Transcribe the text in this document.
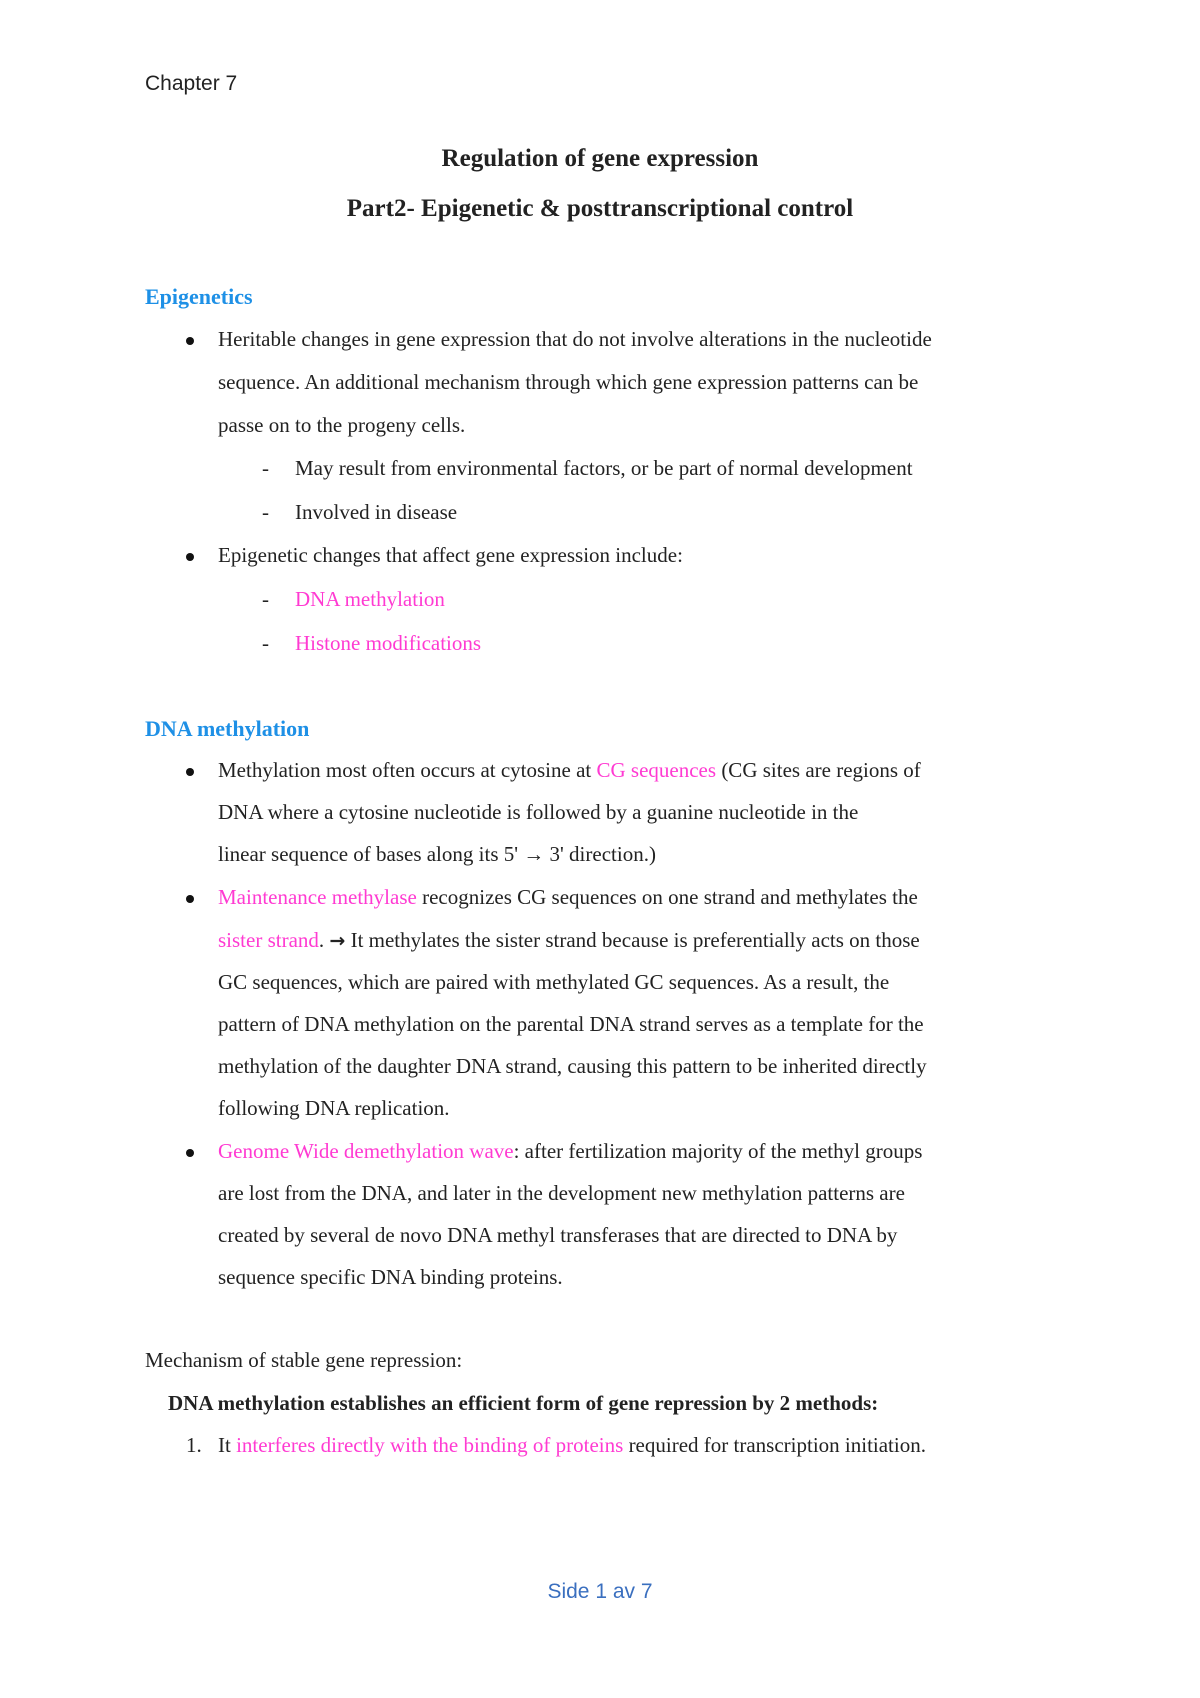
Chapter 7
Regulation of gene expression
Part2- Epigenetic & posttranscriptional control
Epigenetics
Heritable changes in gene expression that do not involve alterations in the nucleotide
sequence. An additional mechanism through which gene expression patterns can be
passe on to the progeny cells.
- May result from environmental factors, or be part of normal development
- Involved in disease
Epigenetic changes that affect gene expression include:
- DNA methylation
- Histone modifications
DNA methylation
Methylation most often occurs at cytosine at CG sequences (CG sites are regions of
DNA where a cytosine nucleotide is followed by a guanine nucleotide in the
linear sequence of bases along its 5' → 3' direction.)
Maintenance methylase recognizes CG sequences on one strand and methylates the
sister strand. → It methylates the sister strand because is preferentially acts on those
GC sequences, which are paired with methylated GC sequences. As a result, the
pattern of DNA methylation on the parental DNA strand serves as a template for the
methylation of the daughter DNA strand, causing this pattern to be inherited directly
following DNA replication.
Genome Wide demethylation wave: after fertilization majority of the methyl groups
are lost from the DNA, and later in the development new methylation patterns are
created by several de novo DNA methyl transferases that are directed to DNA by
sequence specific DNA binding proteins.
Mechanism of stable gene repression:
DNA methylation establishes an efficient form of gene repression by 2 methods:
1. It interferes directly with the binding of proteins required for transcription initiation.
Side 1 av 7
